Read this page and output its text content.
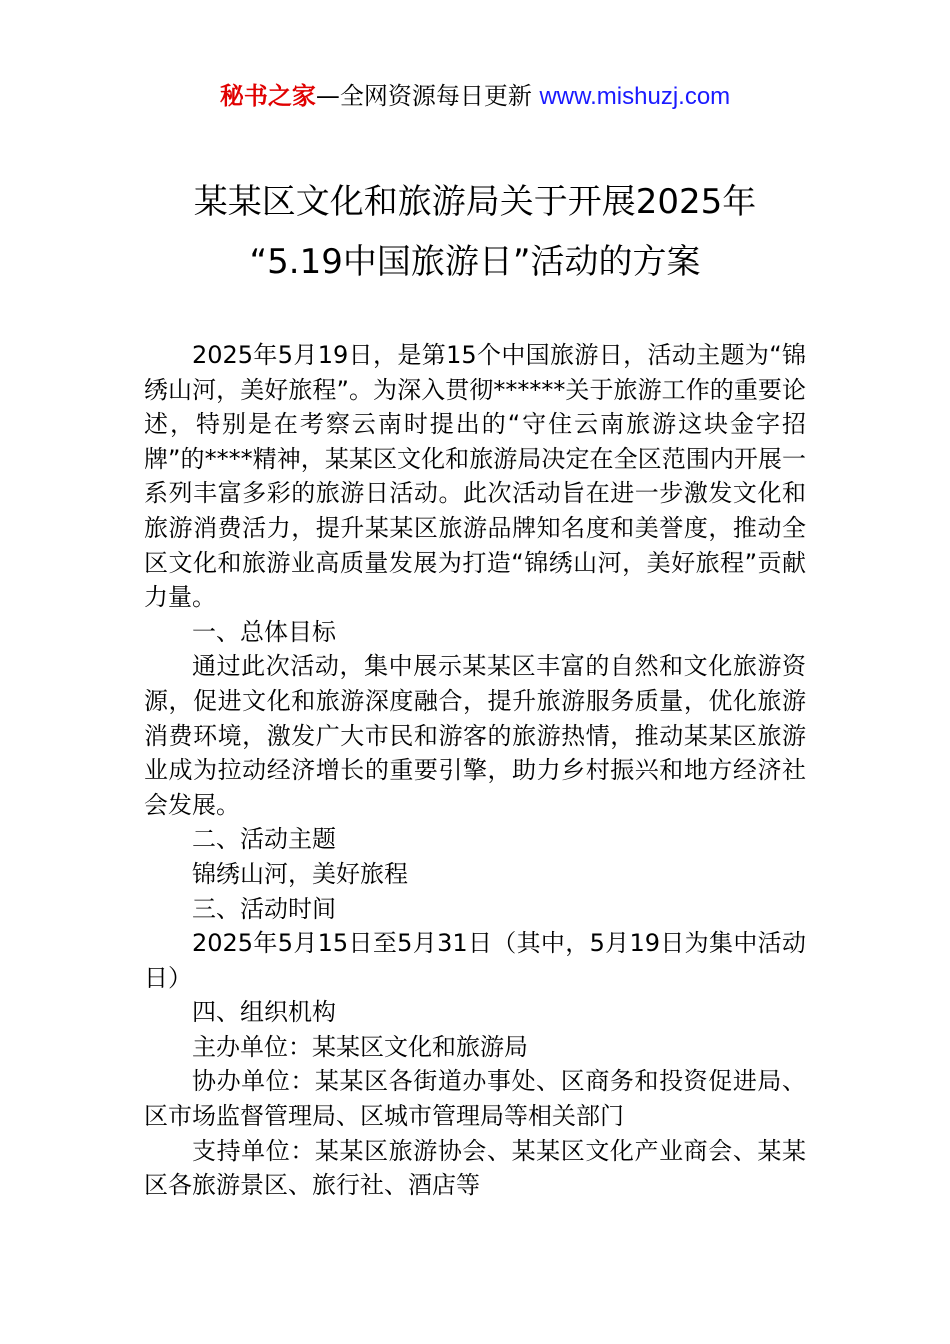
秘书之家—全网资源每日更新 www.mishuzj.com
某某区文化和旅游局关于开展2025年
“5.19中国旅游日”活动的方案

2025年5月19日，是第15个中国旅游日，活动主题为“锦绣山河，美好旅程”。为深入贯彻******关于旅游工作的重要论述，特别是在考察云南时提出的“守住云南旅游这块金字招牌”的****精神，某某区文化和旅游局决定在全区范围内开展一系列丰富多彩的旅游日活动。此次活动旨在进一步激发文化和旅游消费活力，提升某某区旅游品牌知名度和美誉度，推动全区文化和旅游业高质量发展为打造“锦绣山河，美好旅程”贡献力量。

一、总体目标

通过此次活动，集中展示某某区丰富的自然和文化旅游资源，促进文化和旅游深度融合，提升旅游服务质量，优化旅游消费环境，激发广大市民和游客的旅游热情，推动某某区旅游业成为拉动经济增长的重要引擎，助力乡村振兴和地方经济社会发展。

二、活动主题

锦绣山河，美好旅程

三、活动时间

2025年5月15日至5月31日（其中，5月19日为集中活动日）

四、组织机构

主办单位：某某区文化和旅游局

协办单位：某某区各街道办事处、区商务和投资促进局、区市场监督管理局、区城市管理局等相关部门

支持单位：某某区旅游协会、某某区文化产业商会、某某区各旅游景区、旅行社、酒店等
